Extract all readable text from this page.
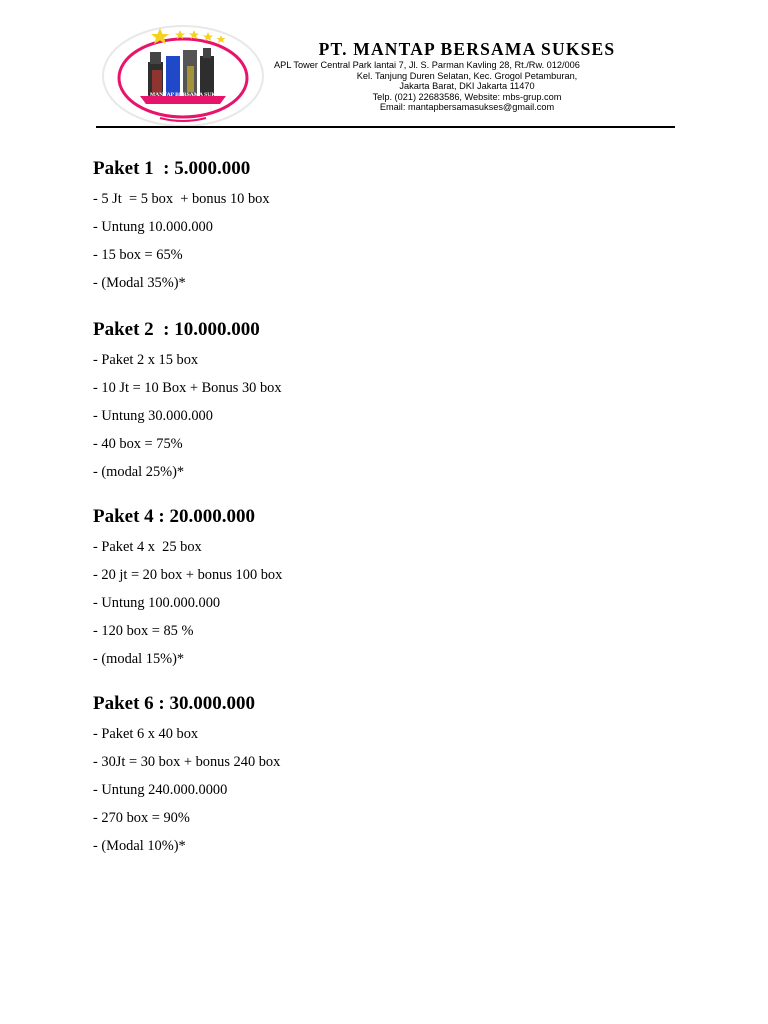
PT. MANTAP BERSAMA SUKSES
PT. MANTAP BERSAMA SUKSES
APL Tower Central Park lantai 7, Jl. S. Parman Kavling 28, Rt./Rw. 012/006
Kel. Tanjung Duren Selatan, Kec. Grogol Petamburan,
Jakarta Barat, DKI Jakarta 11470
Telp. (021) 22683586, Website: mbs-grup.com
Email: mantapbersamasukses@gmail.com
Paket 1  : 5.000.000
- 5 Jt  = 5 box  + bonus 10 box
- Untung 10.000.000
- 15 box = 65%
- (Modal 35%)*
Paket 2  : 10.000.000
- Paket 2 x 15 box
- 10 Jt = 10 Box + Bonus 30 box
- Untung 30.000.000
- 40 box = 75%
- (modal 25%)*
Paket 4 : 20.000.000
- Paket 4 x  25 box
- 20 jt = 20 box + bonus 100 box
- Untung 100.000.000
- 120 box = 85 %
- (modal 15%)*
Paket 6 : 30.000.000
- Paket 6 x 40 box
- 30Jt = 30 box + bonus 240 box
- Untung 240.000.0000
- 270 box = 90%
- (Modal 10%)*
